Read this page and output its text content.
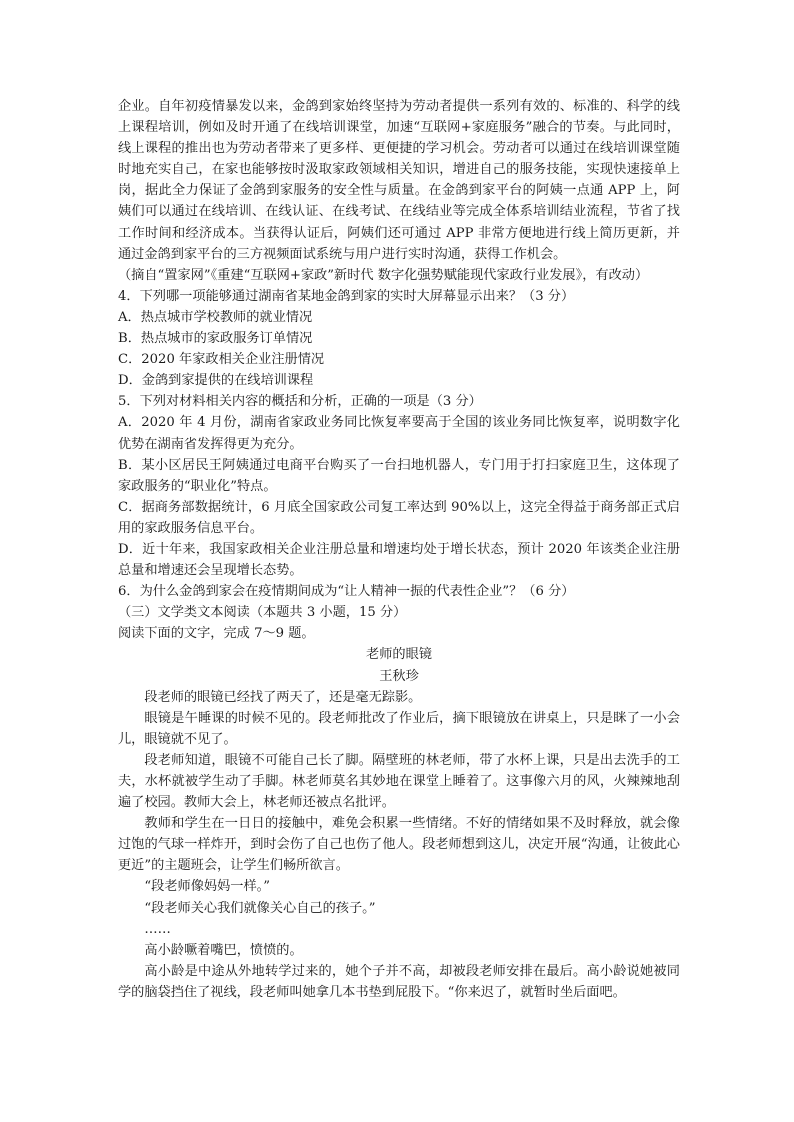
企业。自年初疫情暴发以来，金鸽到家始终坚持为劳动者提供一系列有效的、标准的、科学的线上课程培训，例如及时开通了在线培训课堂，加速“互联网+家庭服务”融合的节奏。与此同时，线上课程的推出也为劳动者带来了更多样、更便捷的学习机会。劳动者可以通过在线培训课堂随时地充实自己，在家也能够按时汲取家政领域相关知识，增进自己的服务技能，实现快速接单上岗，据此全力保证了金鸽到家服务的安全性与质量。在金鸽到家平台的阿姨一点通 APP 上，阿姨们可以通过在线培训、在线认证、在线考试、在线结业等完成全体系培训结业流程，节省了找工作时间和经济成本。当获得认证后，阿姨们还可通过 APP 非常方便地进行线上简历更新，并通过金鸽到家平台的三方视频面试系统与用户进行实时沟通，获得工作机会。

（摘自“置家网”《重建“互联网+家政”新时代 数字化强势赋能现代家政行业发展》，有改动）

4．下列哪一项能够通过湖南省某地金鸽到家的实时大屏幕显示出来？（3 分）

A．热点城市学校教师的就业情况

B．热点城市的家政服务订单情况

C．2020 年家政相关企业注册情况

D．金鸽到家提供的在线培训课程

5．下列对材料相关内容的概括和分析，正确的一项是（3 分）

A．2020 年 4 月份，湖南省家政业务同比恢复率要高于全国的该业务同比恢复率，说明数字化优势在湖南省发挥得更为充分。

B．某小区居民王阿姨通过电商平台购买了一台扫地机器人，专门用于打扫家庭卫生，这体现了家政服务的“职业化”特点。

C．据商务部数据统计，6 月底全国家政公司复工率达到 90%以上，这完全得益于商务部正式启用的家政服务信息平台。

D．近十年来，我国家政相关企业注册总量和增速均处于增长状态，预计 2020 年该类企业注册总量和增速还会呈现增长态势。

6．为什么金鸽到家会在疫情期间成为“让人精神一振的代表性企业”？（6 分）

（三）文学类文本阅读（本题共 3 小题，15 分）

阅读下面的文字，完成 7～9 题。

老师的眼镜

王秋珍

段老师的眼镜已经找了两天了，还是毫无踪影。

眼镜是午睡课的时候不见的。段老师批改了作业后，摘下眼镜放在讲桌上，只是眯了一小会儿，眼镜就不见了。

段老师知道，眼镜不可能自己长了脚。隔壁班的林老师，带了水杯上课，只是出去洗手的工夫，水杯就被学生动了手脚。林老师莫名其妙地在课堂上睡着了。这事像六月的风，火辣辣地刮遍了校园。教师大会上，林老师还被点名批评。

教师和学生在一日日的接触中，难免会积累一些情绪。不好的情绪如果不及时释放，就会像过饱的气球一样炸开，到时会伤了自己也伤了他人。段老师想到这儿，决定开展“沟通，让彼此心更近”的主题班会，让学生们畅所欲言。

“段老师像妈妈一样。”

“段老师关心我们就像关心自己的孩子。”

……

高小龄噘着嘴巴，愤愤的。

高小龄是中途从外地转学过来的，她个子并不高，却被段老师安排在最后。高小龄说她被同学的脑袋挡住了视线，段老师叫她拿几本书垫到屁股下。“你来迟了，就暂时坐后面吧。
